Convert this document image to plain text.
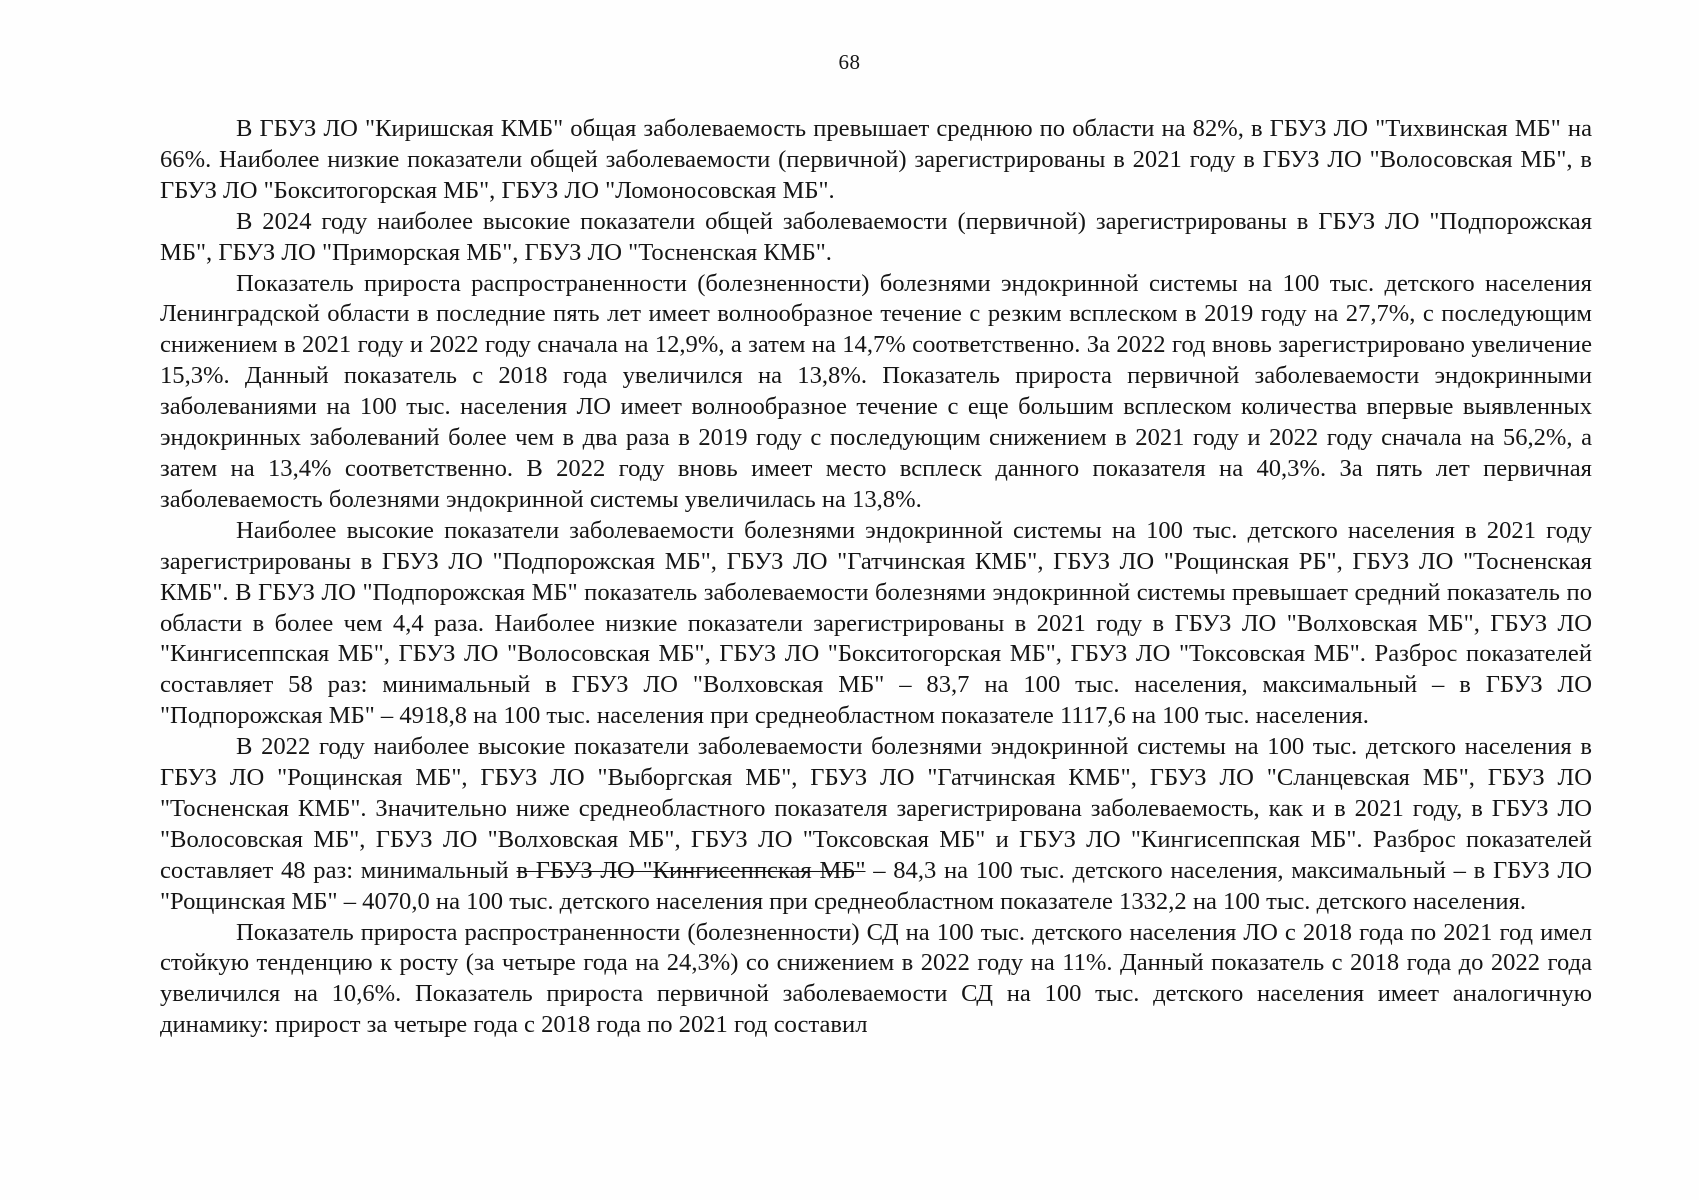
68

В ГБУЗ ЛО "Киришская КМБ" общая заболеваемость превышает среднюю по области на 82%, в ГБУЗ ЛО "Тихвинская МБ" на 66%. Наиболее низкие показатели общей заболеваемости (первичной) зарегистрированы в 2021 году в ГБУЗ ЛО "Волосовская МБ", в ГБУЗ ЛО "Бокситогорская МБ", ГБУЗ ЛО "Ломоносовская МБ".

В 2024 году наиболее высокие показатели общей заболеваемости (первичной) зарегистрированы в ГБУЗ ЛО "Подпорожская МБ", ГБУЗ ЛО "Приморская МБ", ГБУЗ ЛО "Тосненская КМБ".

Показатель прироста распространенности (болезненности) болезнями эндокринной системы на 100 тыс. детского населения Ленинградской области в последние пять лет имеет волнообразное течение с резким всплеском в 2019 году на 27,7%, с последующим снижением в 2021 году и 2022 году сначала на 12,9%, а затем на 14,7% соответственно. За 2022 год вновь зарегистрировано увеличение 15,3%. Данный показатель с 2018 года увеличился на 13,8%. Показатель прироста первичной заболеваемости эндокринными заболеваниями на 100 тыс. населения ЛО имеет волнообразное течение с еще большим всплеском количества впервые выявленных эндокринных заболеваний более чем в два раза в 2019 году с последующим снижением в 2021 году и 2022 году сначала на 56,2%, а затем на 13,4% соответственно. В 2022 году вновь имеет место всплеск данного показателя на 40,3%. За пять лет первичная заболеваемость болезнями эндокринной системы увеличилась на 13,8%.

Наиболее высокие показатели заболеваемости болезнями эндокринной системы на 100 тыс. детского населения в 2021 году зарегистрированы в ГБУЗ ЛО "Подпорожская МБ", ГБУЗ ЛО "Гатчинская КМБ", ГБУЗ ЛО "Рощинская РБ", ГБУЗ ЛО "Тосненская КМБ". В ГБУЗ ЛО "Подпорожская МБ" показатель заболеваемости болезнями эндокринной системы превышает средний показатель по области в более чем 4,4 раза. Наиболее низкие показатели зарегистрированы в 2021 году в ГБУЗ ЛО "Волховская МБ", ГБУЗ ЛО "Кингисеппская МБ", ГБУЗ ЛО "Волосовская МБ", ГБУЗ ЛО "Бокситогорская МБ", ГБУЗ ЛО "Токсовская МБ". Разброс показателей составляет 58 раз: минимальный в ГБУЗ ЛО "Волховская МБ" – 83,7 на 100 тыс. населения, максимальный – в ГБУЗ ЛО "Подпорожская МБ" – 4918,8 на 100 тыс. населения при среднеобластном показателе 1117,6 на 100 тыс. населения.

В 2022 году наиболее высокие показатели заболеваемости болезнями эндокринной системы на 100 тыс. детского населения в ГБУЗ ЛО "Рощинская МБ", ГБУЗ ЛО "Выборгская МБ", ГБУЗ ЛО "Гатчинская КМБ", ГБУЗ ЛО "Сланцевская МБ", ГБУЗ ЛО "Тосненская КМБ". Значительно ниже среднеобластного показателя зарегистрирована заболеваемость, как и в 2021 году, в ГБУЗ ЛО "Волосовская МБ", ГБУЗ ЛО "Волховская МБ", ГБУЗ ЛО "Токсовская МБ" и ГБУЗ ЛО "Кингисеппская МБ". Разброс показателей составляет 48 раз: минимальный в ГБУЗ ЛО "Кингисеппская МБ" – 84,3 на 100 тыс. детского населения, максимальный – в ГБУЗ ЛО "Рощинская МБ" – 4070,0 на 100 тыс. детского населения при среднеобластном показателе 1332,2 на 100 тыс. детского населения.

Показатель прироста распространенности (болезненности) СД на 100 тыс. детского населения ЛО с 2018 года по 2021 год имел стойкую тенденцию к росту (за четыре года на 24,3%) со снижением в 2022 году на 11%. Данный показатель с 2018 года до 2022 года увеличился на 10,6%. Показатель прироста первичной заболеваемости СД на 100 тыс. детского населения имеет аналогичную динамику: прирост за четыре года с 2018 года по 2021 год составил
